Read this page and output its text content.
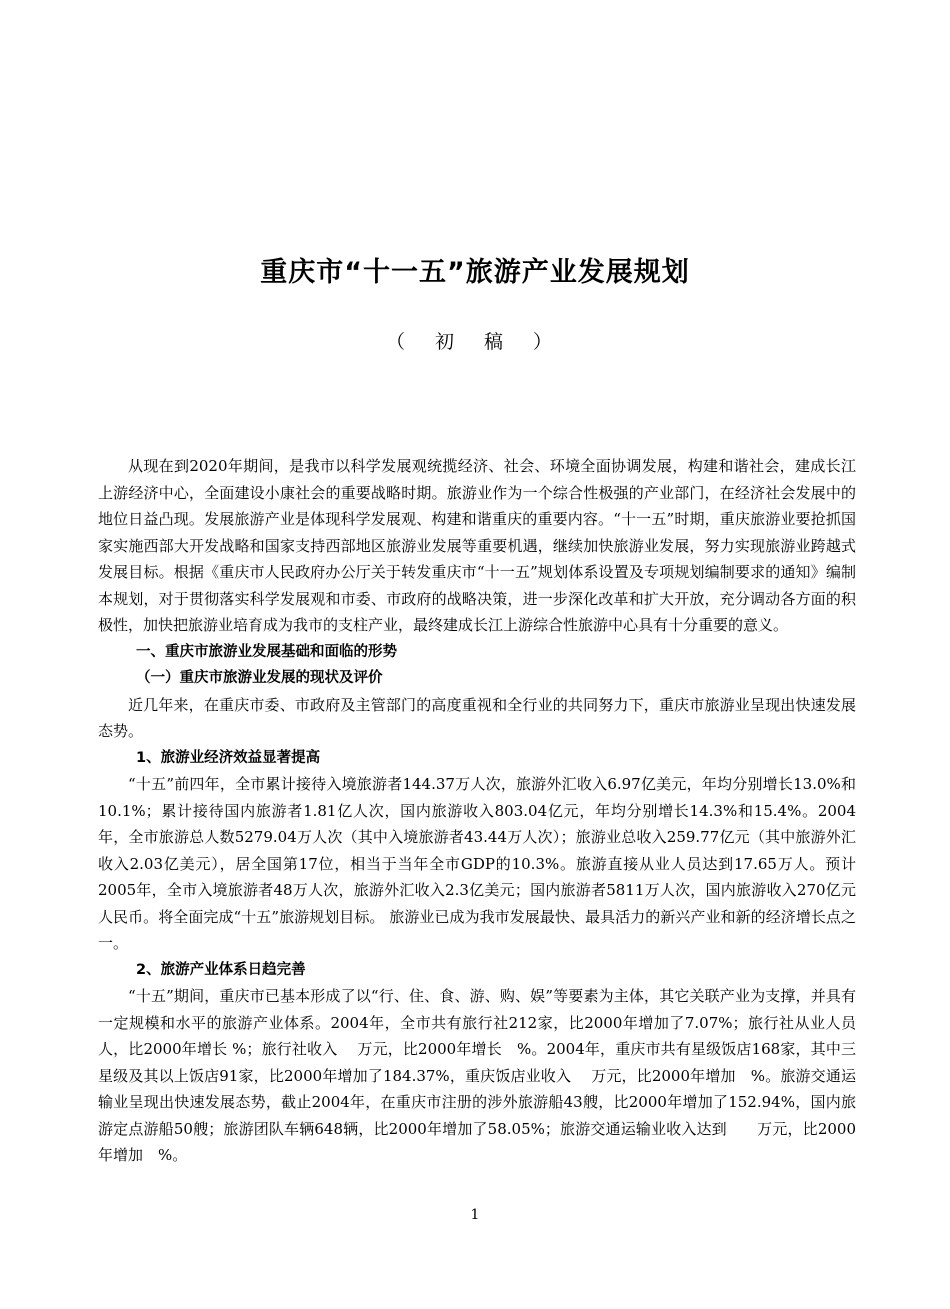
重庆市“十一五”旅游产业发展规划
（ 初 稿 ）

从现在到2020年期间，是我市以科学发展观统揽经济、社会、环境全面协调发展，构建和谐社会，建成长江上游经济中心，全面建设小康社会的重要战略时期。旅游业作为一个综合性极强的产业部门，在经济社会发展中的地位日益凸现。发展旅游产业是体现科学发展观、构建和谐重庆的重要内容。“十一五”时期，重庆旅游业要抢抓国家实施西部大开发战略和国家支持西部地区旅游业发展等重要机遇，继续加快旅游业发展，努力实现旅游业跨越式发展目标。根据《重庆市人民政府办公厅关于转发重庆市“十一五”规划体系设置及专项规划编制要求的通知》编制本规划，对于贯彻落实科学发展观和市委、市政府的战略决策，进一步深化改革和扩大开放，充分调动各方面的积极性，加快把旅游业培育成为我市的支柱产业，最终建成长江上游综合性旅游中心具有十分重要的意义。

一、重庆市旅游业发展基础和面临的形势

（一）重庆市旅游业发展的现状及评价

近几年来，在重庆市委、市政府及主管部门的高度重视和全行业的共同努力下，重庆市旅游业呈现出快速发展态势。

1、旅游业经济效益显著提高

“十五”前四年，全市累计接待入境旅游者144.37万人次，旅游外汇收入6.97亿美元，年均分别增长13.0%和10.1%；累计接待国内旅游者1.81亿人次，国内旅游收入803.04亿元，年均分别增长14.3%和15.4%。2004年，全市旅游总人数5279.04万人次（其中入境旅游者43.44万人次）；旅游业总收入259.77亿元（其中旅游外汇收入2.03亿美元），居全国第17位，相当于当年全市GDP的10.3%。旅游直接从业人员达到17.65万人。预计2005年，全市入境旅游者48万人次，旅游外汇收入2.3亿美元；国内旅游者5811万人次，国内旅游收入270亿元人民币。将全面完成“十五”旅游规划目标。 旅游业已成为我市发展最快、最具活力的新兴产业和新的经济增长点之一。

2、旅游产业体系日趋完善

“十五”期间，重庆市已基本形成了以“行、住、食、游、购、娱”等要素为主体，其它关联产业为支撑，并具有一定规模和水平的旅游产业体系。2004年，全市共有旅行社212家，比2000年增加了7.07%；旅行社从业人员　人，比2000年增长 %；旅行社收入　 万元，比2000年增长　%。2004年，重庆市共有星级饭店168家，其中三星级及其以上饭店91家，比2000年增加了184.37%，重庆饭店业收入　 万元，比2000年增加　%。旅游交通运输业呈现出快速发展态势，截止2004年，在重庆市注册的涉外旅游船43艘，比2000年增加了152.94%，国内旅游定点游船50艘；旅游团队车辆648辆，比2000年增加了58.05%；旅游交通运输业收入达到　　万元，比2000年增加　%。

1
